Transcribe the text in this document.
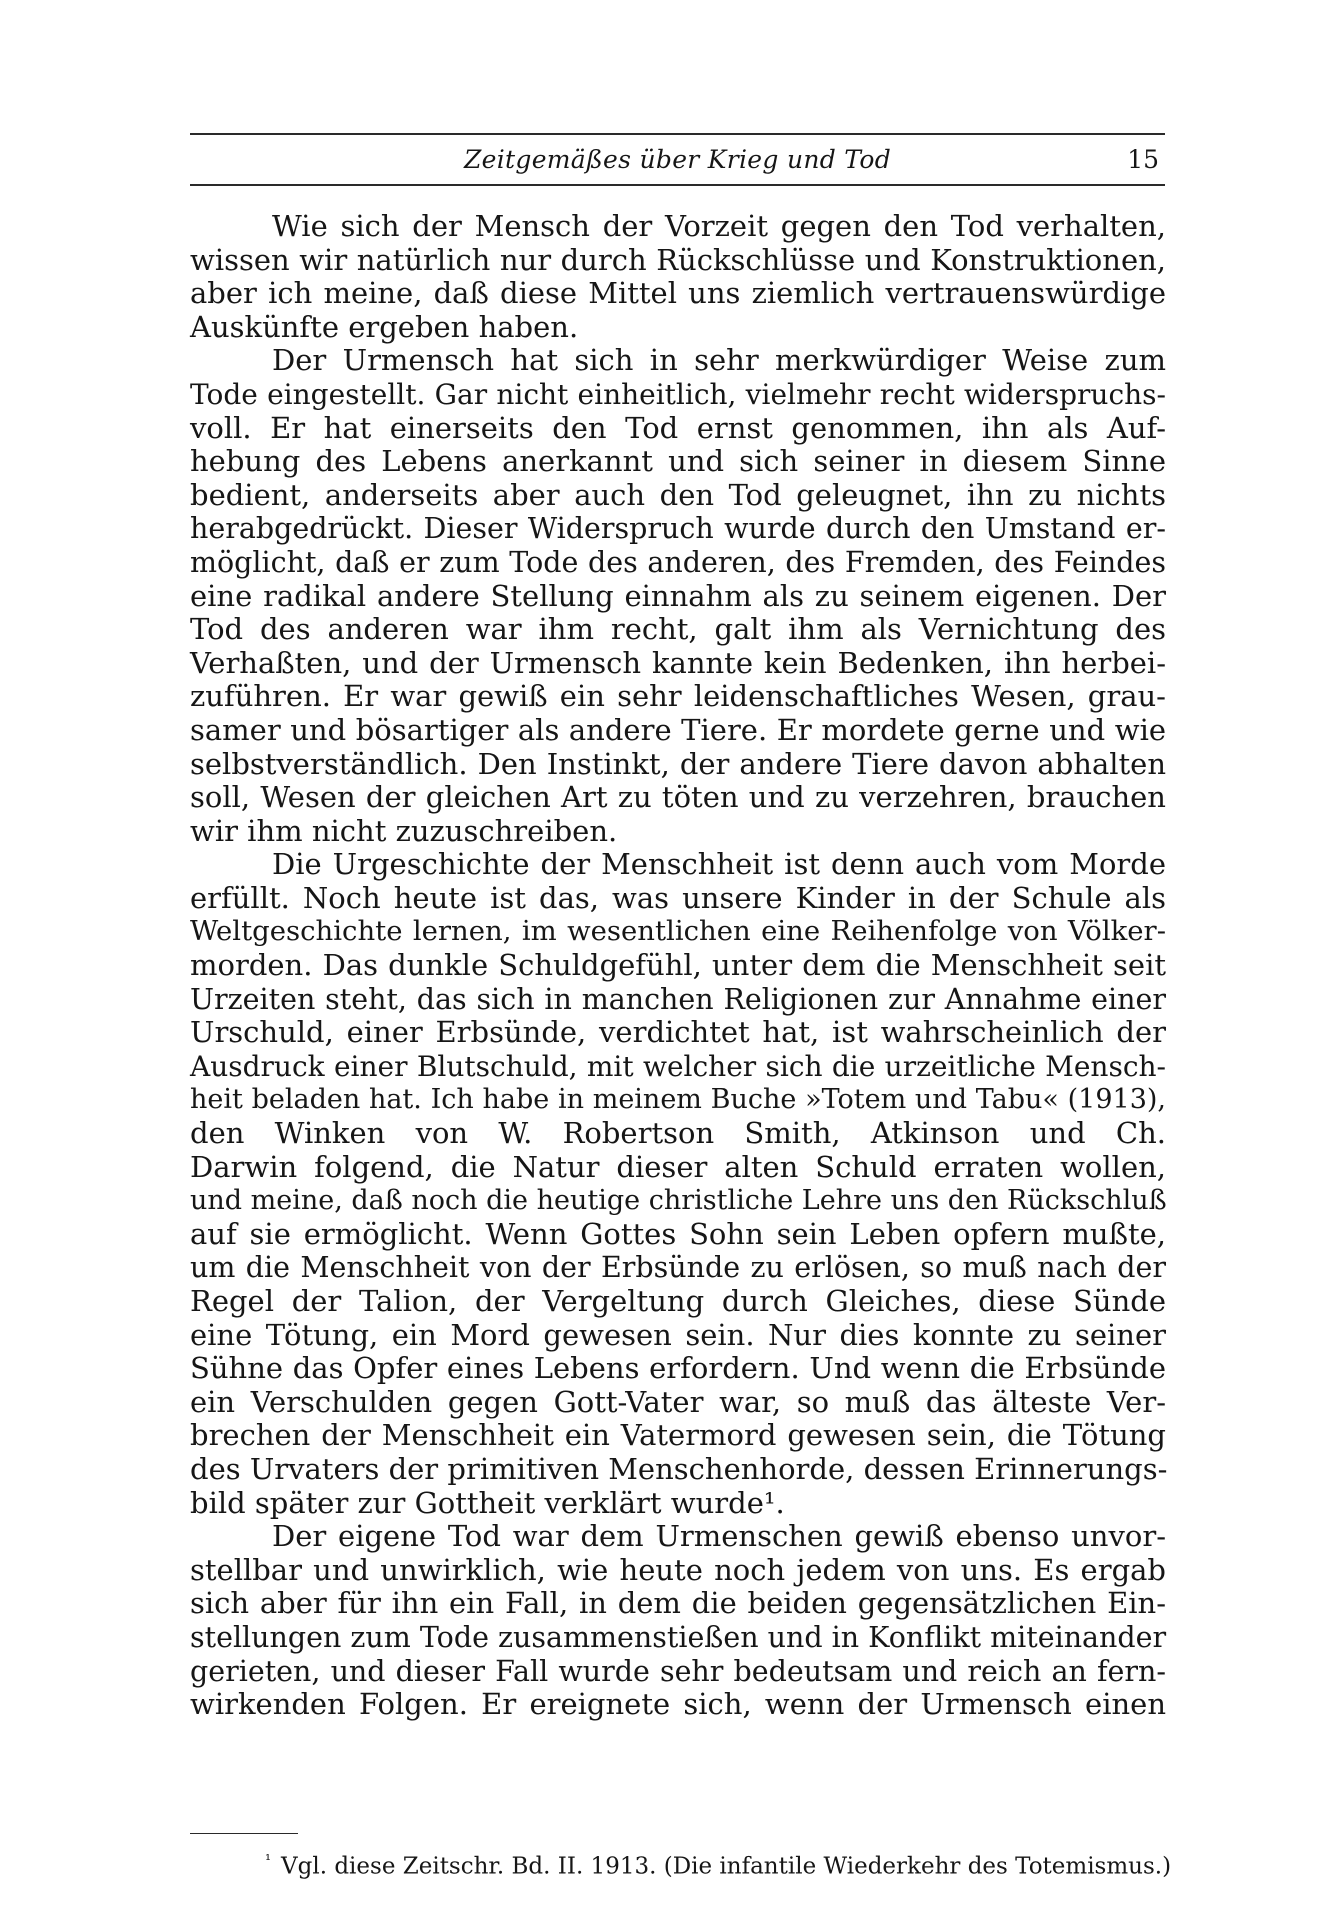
Zeitgemäßes über Krieg und Tod	15
Wie sich der Mensch der Vorzeit gegen den Tod verhalten,
wissen wir natürlich nur durch Rückschlüsse und Konstruktionen,
aber ich meine, daß diese Mittel uns ziemlich vertrauenswürdige
Auskünfte ergeben haben.
Der Urmensch hat sich in sehr merkwürdiger Weise zum
Tode eingestellt. Gar nicht einheitlich, vielmehr recht widerspruchs-
voll. Er hat einerseits den Tod ernst genommen, ihn als Auf-
hebung des Lebens anerkannt und sich seiner in diesem Sinne
bedient, anderseits aber auch den Tod geleugnet, ihn zu nichts
herabgedrückt. Dieser Widerspruch wurde durch den Umstand er-
möglicht, daß er zum Tode des anderen, des Fremden, des Feindes
eine radikal andere Stellung einnahm als zu seinem eigenen. Der
Tod des anderen war ihm recht, galt ihm als Vernichtung des
Verhaßten, und der Urmensch kannte kein Bedenken, ihn herbei-
zuführen. Er war gewiß ein sehr leidenschaftliches Wesen, grau-
samer und bösartiger als andere Tiere. Er mordete gerne und wie
selbstverständlich. Den Instinkt, der andere Tiere davon abhalten
soll, Wesen der gleichen Art zu töten und zu verzehren, brauchen
wir ihm nicht zuzuschreiben.
Die Urgeschichte der Menschheit ist denn auch vom Morde
erfüllt. Noch heute ist das, was unsere Kinder in der Schule als
Weltgeschichte lernen, im wesentlichen eine Reihenfolge von Völker-
morden. Das dunkle Schuldgefühl, unter dem die Menschheit seit
Urzeiten steht, das sich in manchen Religionen zur Annahme einer
Urschuld, einer Erbsünde, verdichtet hat, ist wahrscheinlich der
Ausdruck einer Blutschuld, mit welcher sich die urzeitliche Mensch-
heit beladen hat. Ich habe in meinem Buche »Totem und Tabu« (1913),
den Winken von W. Robertson Smith, Atkinson und Ch.
Darwin folgend, die Natur dieser alten Schuld erraten wollen,
und meine, daß noch die heutige christliche Lehre uns den Rückschluß
auf sie ermöglicht. Wenn Gottes Sohn sein Leben opfern mußte,
um die Menschheit von der Erbsünde zu erlösen, so muß nach der
Regel der Talion, der Vergeltung durch Gleiches, diese Sünde
eine Tötung, ein Mord gewesen sein. Nur dies konnte zu seiner
Sühne das Opfer eines Lebens erfordern. Und wenn die Erbsünde
ein Verschulden gegen Gott-Vater war, so muß das älteste Ver-
brechen der Menschheit ein Vatermord gewesen sein, die Tötung
des Urvaters der primitiven Menschenhorde, dessen Erinnerungs-
bild später zur Gottheit verklärt wurde¹.
Der eigene Tod war dem Urmenschen gewiß ebenso unvor-
stellbar und unwirklich, wie heute noch jedem von uns. Es ergab
sich aber für ihn ein Fall, in dem die beiden gegensätzlichen Ein-
stellungen zum Tode zusammenstießen und in Konflikt miteinander
gerieten, und dieser Fall wurde sehr bedeutsam und reich an fern-
wirkenden Folgen. Er ereignete sich, wenn der Urmensch einen
$^{^1}$ Vgl. diese Zeitschr. Bd. II. 1913. (Die infantile Wiederkehr des Totemismus.)
